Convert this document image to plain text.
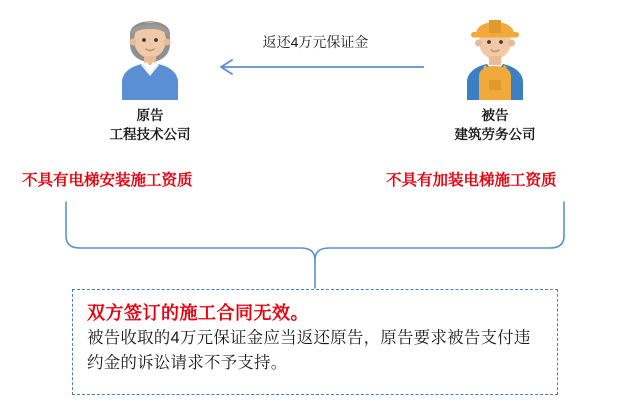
原告
工程技术公司
被告
建筑劳务公司
返还4万元保证金
不具有电梯安装施工资质	不具有加装电梯施工资质
双方签订的施工合同无效。
被告收取的4万元保证金应当返还原告，原告要求被告支付违约金的诉讼请求不予支持。
